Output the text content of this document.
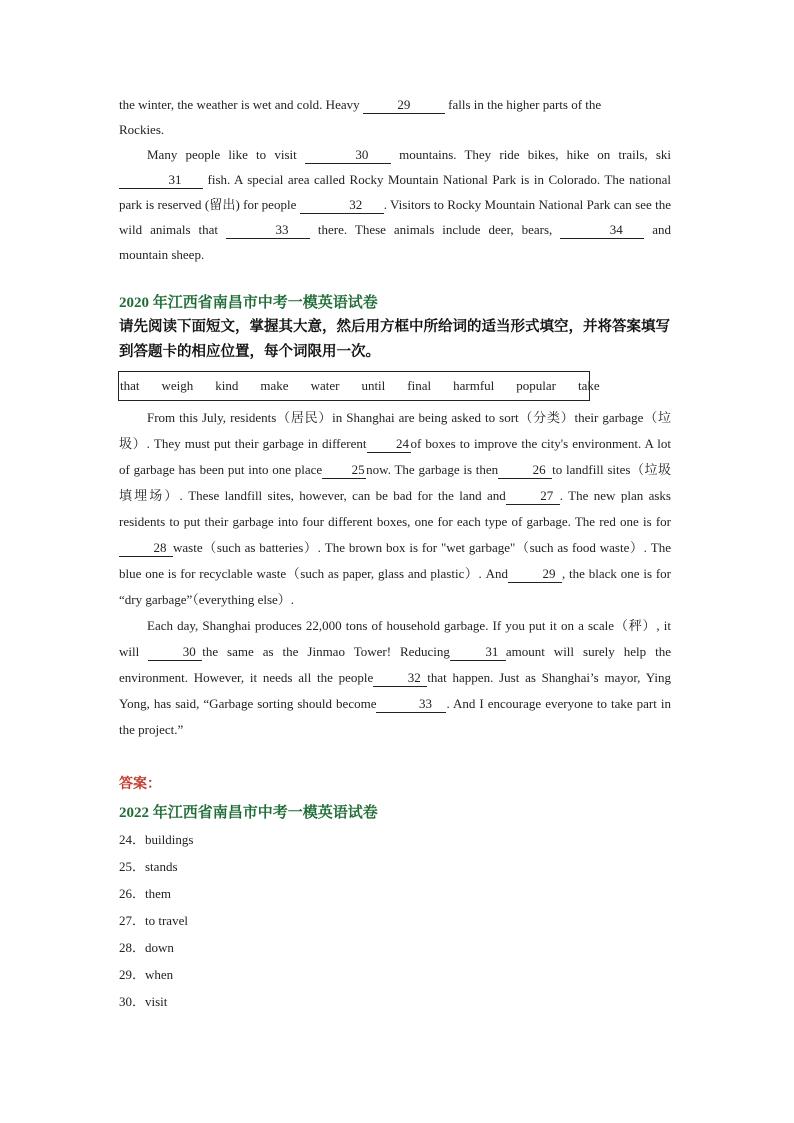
the winter, the weather is wet and cold. Heavy	29	falls in the higher parts of the

Rockies.

Many people like to visit	30 mountains. They ride bikes, hike on trails, ski 31 fish. A special area called Rocky Mountain National Park is in Colorado. The national park is reserved (留出) for people	32 . Visitors to Rocky Mountain National Park can see the wild animals that	33 there. These animals include deer, bears,	34 and mountain sheep.

2020 年江西省南昌市中考一模英语试卷

请先阅读下面短文，掌握其大意，然后用方框中所给词的适当形式填空，并将答案填写到答题卡的相应位置，每个词限用一次。

that weigh kind make water until final harmful popular take

From this July, residents（居民）in Shanghai are being asked to sort（分类）their garbage（垃圾）. They must put their garbage in different 24 of boxes to improve the city's environment. A lot of garbage has been put into one place 25 now. The garbage is then	26 to landfill sites（垃圾填埋场）. These landfill sites, however, can be bad for the land and	27 . The new plan asks residents to put their garbage into four different boxes, one for each type of garbage. The red one is for28 waste（such as batteries）. The brown box is for "wet garbage"（such as food waste）. The blue one is for recyclable waste（such as paper, glass and plastic）. And	29 , the black one is for “dry garbage”（everything else）.

Each day, Shanghai produces 22,000 tons of household garbage. If you put it on a scale（秤）, it will	30 the same as the Jinmao Tower! Reducing	31 amount will surely help the environment. However, it needs all the people	32 that happen. Just as Shanghai’s mayor, Ying Yong, has said, “Garbage sorting should become	33 . And I encourage everyone to take part in the project.”

答案：

2022 年江西省南昌市中考一模英语试卷

24．buildings

25．stands

26．them

27．to travel

28．down

29．when

30．visit
